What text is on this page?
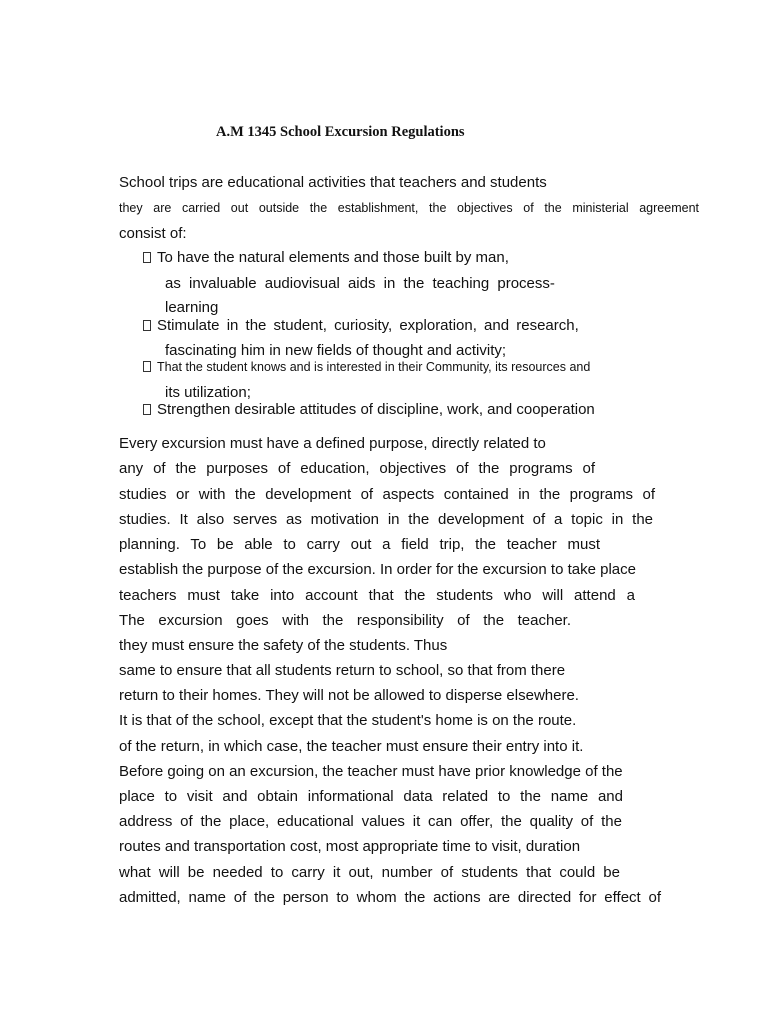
A.M 1345 School Excursion Regulations
School trips are educational activities that teachers and students
they are carried out outside the establishment, the objectives of the ministerial agreement
consist of:
To have the natural elements and those built by man,
as invaluable audiovisual aids in the teaching process-
learning
Stimulate in the student, curiosity, exploration, and research,
fascinating him in new fields of thought and activity;
That the student knows and is interested in their Community, its resources and
its utilization;
Strengthen desirable attitudes of discipline, work, and cooperation
Every excursion must have a defined purpose, directly related to
any of the purposes of education, objectives of the programs of
studies or with the development of aspects contained in the programs of
studies. It also serves as motivation in the development of a topic in the
planning. To be able to carry out a field trip, the teacher must
establish the purpose of the excursion. In order for the excursion to take place
teachers must take into account that the students who will attend a
The excursion goes with the responsibility of the teacher.
they must ensure the safety of the students. Thus
same to ensure that all students return to school, so that from there
return to their homes. They will not be allowed to disperse elsewhere.
It is that of the school, except that the student's home is on the route.
of the return, in which case, the teacher must ensure their entry into it.
Before going on an excursion, the teacher must have prior knowledge of the
place to visit and obtain informational data related to the name and
address of the place, educational values it can offer, the quality of the
routes and transportation cost, most appropriate time to visit, duration
what will be needed to carry it out, number of students that could be
admitted, name of the person to whom the actions are directed for effect of
